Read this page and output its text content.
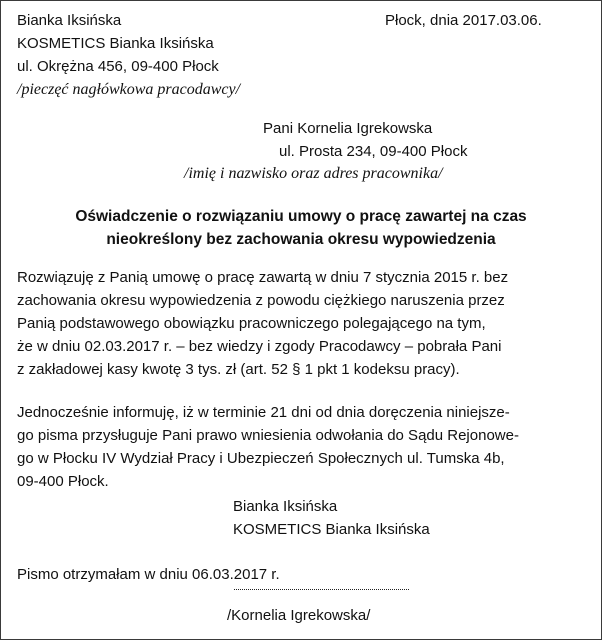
Bianka Iksińska
KOSMETICS Bianka Iksińska
ul. Okrężna 456, 09-400 Płock
/pieczęć nagłówkowa pracodawcy/
Płock, dnia 2017.03.06.
Pani Kornelia Igrekowska
ul. Prosta 234, 09-400 Płock
/imię i nazwisko oraz adres pracownika/
Oświadczenie o rozwiązaniu umowy o pracę zawartej na czas
nieokreślony bez zachowania okresu wypowiedzenia
Rozwiązuję z Panią umowę o pracę zawartą w dniu 7 stycznia 2015 r. bez
zachowania okresu wypowiedzenia z powodu ciężkiego naruszenia przez
Panią podstawowego obowiązku pracowniczego polegającego na tym,
że w dniu 02.03.2017 r. – bez wiedzy i zgody Pracodawcy – pobrała Pani
z zakładowej kasy kwotę 3 tys. zł (art. 52 § 1 pkt 1 kodeksu pracy).
Jednocześnie informuję, iż w terminie 21 dni od dnia doręczenia niniejsze-
go pisma przysługuje Pani prawo wniesienia odwołania do Sądu Rejonowe-
go w Płocku IV Wydział Pracy i Ubezpieczeń Społecznych ul. Tumska 4b,
09-400 Płock.
Bianka Iksińska
KOSMETICS Bianka Iksińska
Pismo otrzymałam w dniu 06.03.2017 r.
/Kornelia Igrekowska/
